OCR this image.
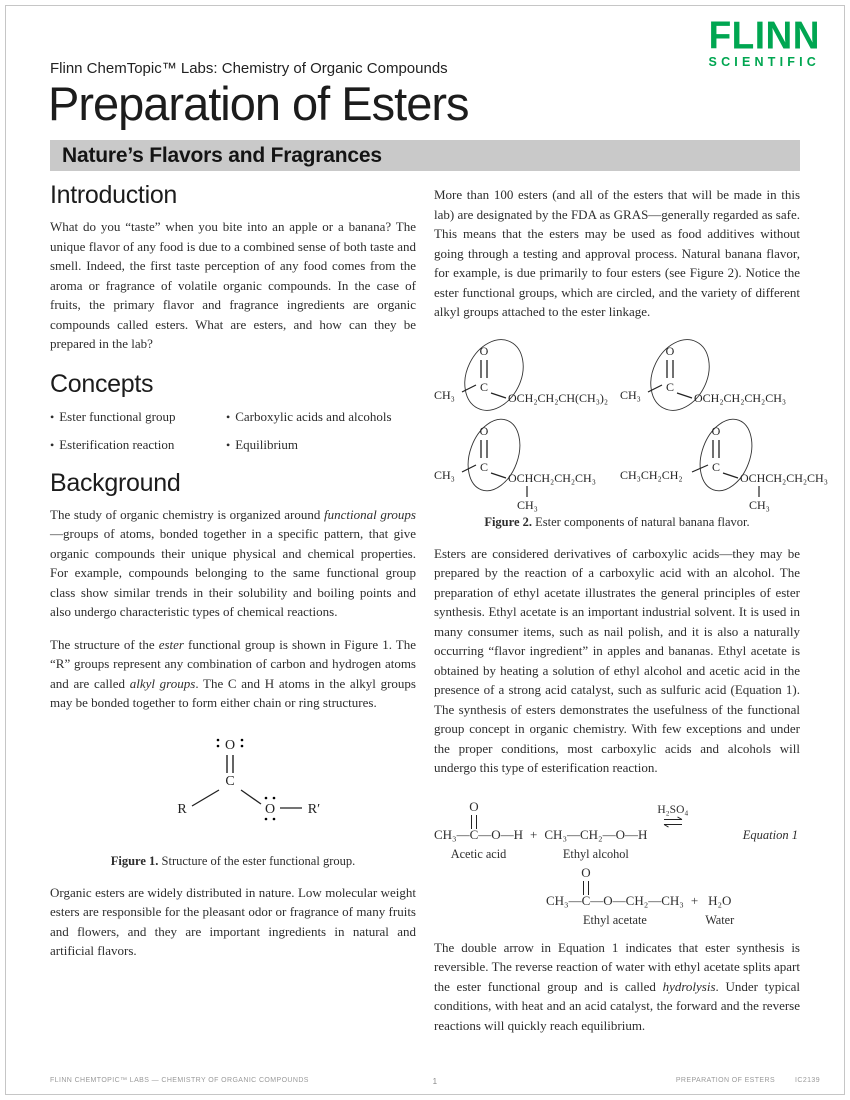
FLINN
SCIENTIFIC
Flinn ChemTopic™ Labs: Chemistry of Organic Compounds
Preparation of Esters
Nature’s Flavors and Fragrances
Introduction

What do you “taste” when you bite into an apple or a banana? The unique flavor of any food is due to a combined sense of both taste and smell. Indeed, the first taste perception of any food comes from the aroma or fragrance of volatile organic compounds. In the case of fruits, the primary flavor and fragrance ingredients are organic compounds called esters. What are esters, and how can they be prepared in the lab?

Concepts
• Ester functional group	• Carboxylic acids and alcohols
• Esterification reaction	• Equilibrium
Background

The study of organic chemistry is organized around functional groups—groups of atoms, bonded together in a specific pattern, that give organic compounds their unique physical and chemical properties. For example, compounds belonging to the same functional group class show similar trends in their solubility and boiling points and also undergo characteristic types of chemical reactions.

The structure of the ester functional group is shown in Figure 1. The “R” groups represent any combination of carbon and hydrogen atoms and are called alkyl groups. The C and H atoms in the alkyl groups may be bonded together to form either chain or ring structures.

O
C
R	O R′
Figure 1. Structure of the ester functional group.

Organic esters are widely distributed in nature. Low molecular weight esters are responsible for the pleasant odor or fragrance of many fruits and flowers, and they are important ingredients in natural and artificial flavors.

More than 100 esters (and all of the esters that will be made in this lab) are designated by the FDA as GRAS—generally regarded as safe. This means that the esters may be used as food additives without going through a testing and approval process. Natural banana flavor, for example, is due primarily to four esters (see Figure 2). Notice the ester functional groups, which are circled, and the variety of different alkyl groups attached to the ester linkage.

O
C
CH₃	OCH₂CH₂CH(CH₃)₂
O
C
CH₃	OCH₂CH₂CH₂CH₃
O
C
CH₃	OCHCH₂CH₂CH₃
CH₃
O
C
CH₃CH₂CH₂	OCHCH₂CH₂CH₃
CH₃
Figure 2. Ester components of natural banana flavor.

Esters are considered derivatives of carboxylic acids—they may be prepared by the reaction of a carboxylic acid with an alcohol. The preparation of ethyl acetate illustrates the general principles of ester synthesis. Ethyl acetate is an important industrial solvent. It is used in many consumer items, such as nail polish, and it is also a naturally occurring “flavor ingredient” in apples and bananas. Ethyl acetate is obtained by heating a solution of ethyl alcohol and acetic acid in the presence of a strong acid catalyst, such as sulfuric acid (Equation 1). The synthesis of esters demonstrates the usefulness of the functional group concept in organic chemistry. With few exceptions and under the proper conditions, most carboxylic acids and alcohols will undergo this type of esterification reaction.

CH₃—
O
C—O—H
Acetic acid
+ CH₃—CH₂—O—H
Ethyl alcohol
H₂SO₄
Equation 1
CH₃—
O
C—O—CH₂—CH₃
Ethyl acetate
+ H₂O
Water

The double arrow in Equation 1 indicates that ester synthesis is reversible. The reverse reaction of water with ethyl acetate splits apart the ester functional group and is called hydrolysis. Under typical conditions, with heat and an acid catalyst, the forward and the reverse reactions will quickly reach equilibrium.

FLINN CHEMTOPIC™ LABS — CHEMISTRY OF ORGANIC COMPOUNDS	1	PREPARATION OF ESTERS	IC2139
